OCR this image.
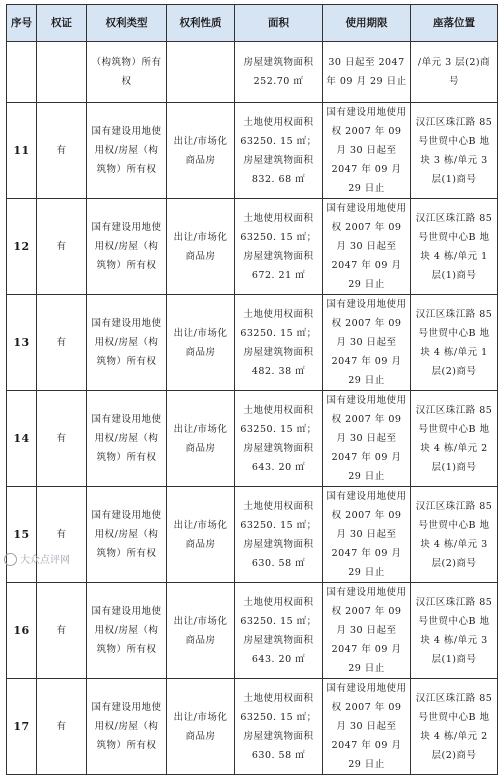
序号	权证	权利类型	权利性质	面积	使用期限	座落位置
		（构筑物）所有权		房屋建筑物面积 252.70 ㎡	30 日起至 2047 年 09 月 29 日止	/单元 3 层(2)商号
11	有	国有建设用地使用权/房屋（构筑物）所有权	出让/市场化商品房	土地使用权面积 63250. 15 ㎡；房屋建筑物面积 832. 68 ㎡	国有建设用地使用权 2007 年 09 月 30 日起至 2047 年 09 月 29 日止	汉江区珠江路 85 号世贸中心B 地块 3 栋/单元 3 层(1)商号
12	有	国有建设用地使用权/房屋（构筑物）所有权	出让/市场化商品房	土地使用权面积 63250. 15 ㎡；房屋建筑物面积 672. 21 ㎡	国有建设用地使用权 2007 年 09 月 30 日起至 2047 年 09 月 29 日止	汉江区珠江路 85 号世贸中心B 地块 4 栋/单元 1 层(1)商号
13	有	国有建设用地使用权/房屋（构筑物）所有权	出让/市场化商品房	土地使用权面积 63250. 15 ㎡；房屋建筑物面积 482. 38 ㎡	国有建设用地使用权 2007 年 09 月 30 日起至 2047 年 09 月 29 日止	汉江区珠江路 85 号世贸中心B 地块 4 栋/单元 1 层(2)商号
14	有	国有建设用地使用权/房屋（构筑物）所有权	出让/市场化商品房	土地使用权面积 63250. 15 ㎡；房屋建筑物面积 643. 20 ㎡	国有建设用地使用权 2007 年 09 月 30 日起至 2047 年 09 月 29 日止	汉江区珠江路 85 号世贸中心B 地块 4 栋/单元 2 层(1)商号
15	有	国有建设用地使用权/房屋（构筑物）所有权	出让/市场化商品房	土地使用权面积 63250. 15 ㎡；房屋建筑物面积 630. 58 ㎡	国有建设用地使用权 2007 年 09 月 30 日起至 2047 年 09 月 29 日止	汉江区珠江路 85 号世贸中心B 地块 4 栋/单元 3 层(2)商号
16	有	国有建设用地使用权/房屋（构筑物）所有权	出让/市场化商品房	土地使用权面积 63250. 15 ㎡；房屋建筑物面积 643. 20 ㎡	国有建设用地使用权 2007 年 09 月 30 日起至 2047 年 09 月 29 日止	汉江区珠江路 85 号世贸中心B 地块 4 栋/单元 3 层(1)商号
17	有	国有建设用地使用权/房屋（构筑物）所有权	出让/市场化商品房	土地使用权面积 63250. 15 ㎡；房屋建筑物面积 630. 58 ㎡	国有建设用地使用权 2007 年 09 月 30 日起至 2047 年 09 月 29 日止	汉江区珠江路 85 号世贸中心B 地块 4 栋/单元 2 层(2)商号
大众点评网
